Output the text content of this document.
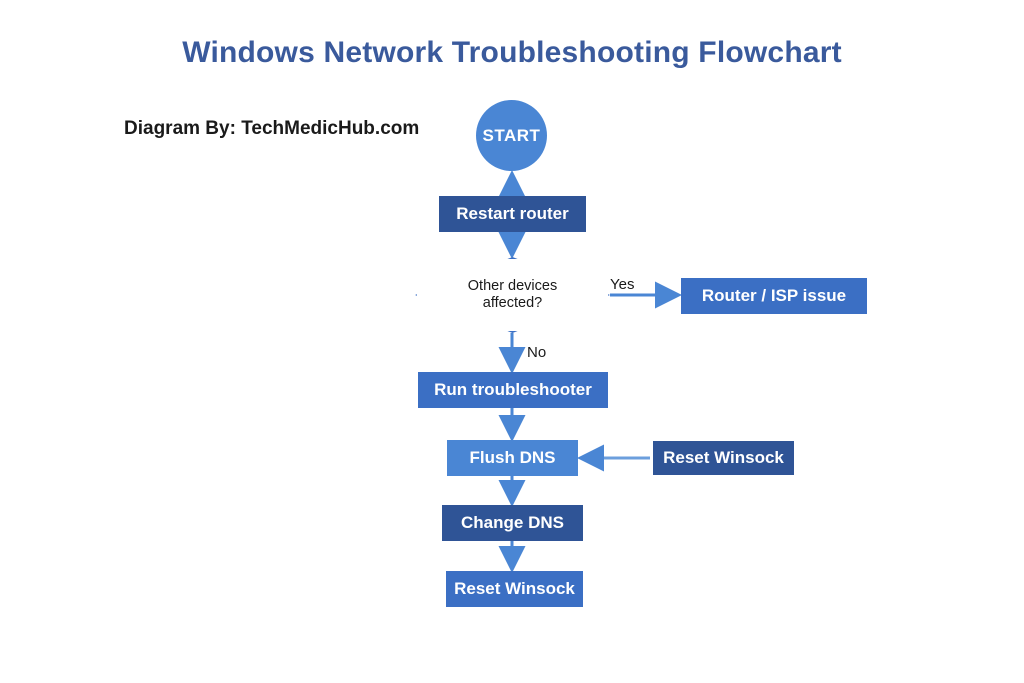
Windows Network Troubleshooting Flowchart
Diagram By: TechMedicHub.com	START
Restart router
Other devices
affected?
Yes
No
Router / ISP issue
Run troubleshooter
Flush DNS	Reset Winsock
Change DNS
Reset Winsock
